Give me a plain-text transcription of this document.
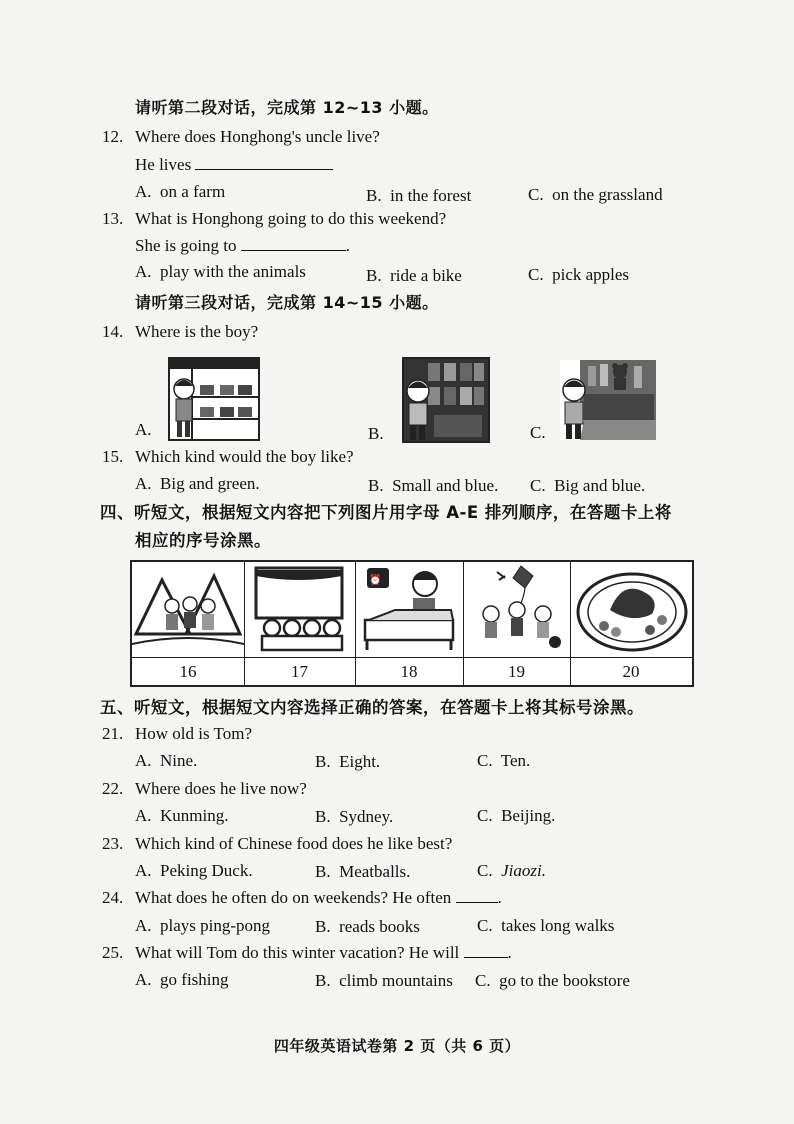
请听第二段对话，完成第 12~13 小题。
12. Where does Honghong's uncle live?
He lives
A. on a farm	B. in the forest	C. on the grassland
13. What is Honghong going to do this weekend?
She is going to	.
A. play with the animals	B. ride a bike	C. pick apples
请听第三段对话，完成第 14~15 小题。
14. Where is the boy?
A.	B.	C.
15. Which kind would the boy like?
A. Big and green.	B. Small and blue. C. Big and blue.
四、听短文，根据短文内容把下列图片用字母 A-E 排列顺序，在答题卡上将
相应的序号涂黑。
⏰
16	17	18	19	20
五、听短文，根据短文内容选择正确的答案，在答题卡上将其标号涂黑。
21. How old is Tom?
A. Nine.	B. Eight.	C. Ten.
22. Where does he live now?
A. Kunming.	B. Sydney.	C. Beijing.
23. Which kind of Chinese food does he like best?
A. Peking Duck.	B. Meatballs.	C. Jiaozi.
24. What does he often do on weekends? He often	.
A. plays ping-pong	B. reads books	C. takes long walks
25. What will Tom do this winter vacation? He will	.
A. go fishing	B. climb mountains C. go to the bookstore
四年级英语试卷第 2 页（共 6 页）
